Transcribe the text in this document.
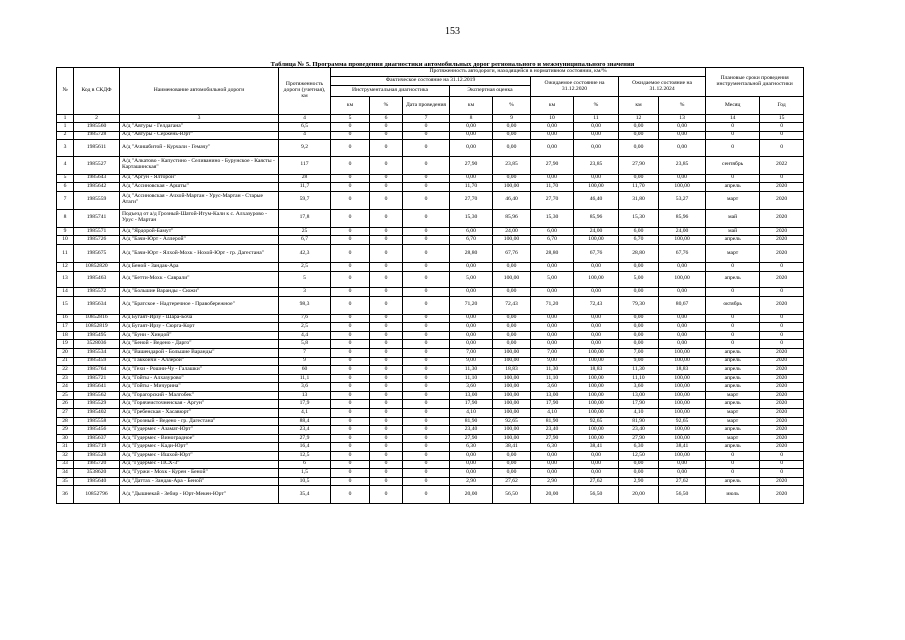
153
Таблица № 5. Программа проведения диагностики автомобильных дорог регионального и межмуниципального значения
№	Код в СКДФ	Наименование автомобильной дороги	Протяженность дороги (учетная), км	Протяженность автодороги, находящейся в нормативном состоянии, км/%									Плановые сроки проведения инструментальной диагностики	
				Фактическое состояние на 31.12.2019					Ожидаемое состояние на 31.12.2020		Ожидаемое состояние на 31.12.2024			
				Инструментальная диагностика			Экспертная оценка							
				км	%	Дата проведения	км	%	км	%	км	%	Месяц	Год
1	2	3	4	5	6	7	8	9	10	11	12	13	14	15
1	1985560	А/д "Автуры - Гелдагана"	6,5	0	0	0	0,00	0,00	0,00	0,00	0,00	0,00	0	0
2	1985728	А/д "Автуры - Сержень-Юрт"	4	0	0	0	0,00	0,00	0,00	0,00	0,00	0,00	0	0
3	1985611	А/д "Ачишбитой - Курчали - Гемачу"	9,2	0	0	0	0,00	0,00	0,00	0,00	0,00	0,00	0	0
4	1985527	А/д "Алкатово - Капустино - Селиванино - Бурунское - Каясты - Карташинская"	117	0	0	0	27,90	23,85	27,90	23,85	27,90	23,85	сентябрь	2022
5	1985643	А/д "Аргун - Ялторой"	28	0	0	0	0,00	0,00	0,00	0,00	0,00	0,00	0	0
6	1985642	А/д "Ассиновская - Аршты"	11,7	0	0	0	11,70	100,00	11,70	100,00	11,70	100,00	апрель	2020
7	1985559	А/д "Ассиновская - Ачхой-Мартан - Урус-Мартан - Старые Атаги"	59,7	0	0	0	27,70	46,40	27,70	46,40	31,80	53,27	март	2020
8	1985741	Подъезд от а/д Грозный-Шатой-Итум-Кали к с. Алхазурово - Урус - Мартан	17,8	0	0	0	15,30	85,96	15,30	85,96	15,30	85,96	май	2020
9	1985571	А/д "Ярдорой-Бамут"	25	0	0	0	6,00	24,00	6,00	24,00	6,00	24,00	май	2020
10	1985726	А/д "Бачи-Юрт - Аллерой"	6,7	0	0	0	6,70	100,00	6,70	100,00	6,70	100,00	апрель	2020
11	1985675	А/д "Бачи-Юрт - Ялхой-Мохк - Нохой-Юрт - гр. Дагестана"	42,3	0	0	0	28,80	67,76	28,80	67,76	28,80	67,76	март	2020
12	10852820	А/д Беной - Зандак-Ара	2,5	0	0	0	0,00	0,00	0,00	0,00	0,00	0,00	0	0
13	1985463	А/д "Бетти-Мохк - Саврали"	5	0	0	0	5,00	100,00	5,00	100,00	5,00	100,00	апрель	2020
14	1985572	А/д "Большие Варанды - Сюжи"	3	0	0	0	0,00	0,00	0,00	0,00	0,00	0,00	0	0
15	1985634	А/д "Братское - Надтеречное - Правобережное"	98,3	0	0	0	71,20	72,43	71,20	72,43	79,30	80,67	октябрь	2020
16	10852816	А/д Бугаят-Ирзу - Шара-Боча	7,6	0	0	0	0,00	0,00	0,00	0,00	0,00	0,00	0	0
17	10852819	А/д Бугаят-Ирзу - Сюрга-Корт	2,5	0	0	0	0,00	0,00	0,00	0,00	0,00	0,00	0	0
18	1985495	А/д "Буни - Хиндой"	4,4	0	0	0	0,00	0,00	0,00	0,00	0,00	0,00	0	0
19	3528036	А/д "Беной - Ведено - Дарго"	5,8	0	0	0	0,00	0,00	0,00	0,00	0,00	0,00	0	0
20	1985534	А/д "Вашендарой - Большие Варанды"	7	0	0	0	7,00	100,00	7,00	100,00	7,00	100,00	апрель	2020
21	1985459	А/д "Гаккойчи - Аллерой"	9	0	0	0	9,00	100,00	9,00	100,00	9,00	100,00	апрель	2020
22	1985764	А/д "Гехи - Рошни-Чу - Галашки"	60	0	0	0	11,30	18,83	11,30	18,83	11,30	18,83	апрель	2020
23	1985721	А/д "Гойты - Алхазурово"	11,1	0	0	0	11,10	100,00	11,10	100,00	11,10	100,00	апрель	2020
24	1985641	А/д "Гойты - Мичурина"	3,6	0	0	0	3,60	100,00	3,60	100,00	3,60	100,00	апрель	2020
25	1985562	А/д "Горагорский - Малгобек"	13	0	0	0	13,00	100,00	13,00	100,00	13,00	100,00	март	2020
26	1985529	А/д "Горячеисточненская - Аргун"	17,9	0	0	0	17,90	100,00	17,90	100,00	17,90	100,00	апрель	2020
27	1985402	А/д "Гребенская - Хасавюрт"	4,1	0	0	0	4,10	100,00	4,10	100,00	4,10	100,00	март	2020
28	1985558	А/д "Грозный - Ведено - гр. Дагестана"	88,4	0	0	0	81,90	92,65	81,90	92,65	81,90	92,65	март	2020
29	1985456	А/д "Гудермес - Азамат-Юрт"	23,4	0	0	0	23,40	100,00	23,40	100,00	23,40	100,00	апрель	2020
30	1985637	А/д "Гудермес - Виноградное"	27,9	0	0	0	27,90	100,00	27,90	100,00	27,90	100,00	март	2020
31	1985719	А/д "Гудермес - Кади-Юрт"	16,4	0	0	0	6,30	38,41	6,30	38,41	6,30	38,41	апрель	2020
32	1985528	А/д "Гудермес - Ишхой-Юрт"	12,5	0	0	0	0,00	0,00	0,00	0,00	12,50	100,00	0	0
33	1985720	А/д "Гудермес - ПСХ-3"	6	0	0	0	0,00	0,00	0,00	0,00	0,00	0,00	0	0
34	3538620	А/д "Гуржи - Мохк - Курен - Беной"	1,5	0	0	0	0,00	0,00	0,00	0,00	0,00	0,00	0	0
35	1985640	А/д "Даттах - Зандак-Ара - Беной"	10,5	0	0	0	2,90	27,62	2,90	27,62	2,90	27,62	апрель	2020
36	10852796	А/д "Дышнекай - Зебир - Юрт-Мекен-Юрт"	35,4	0	0	0	20,00	56,50	20,00	56,50	20,00	56,50	июль	2020
